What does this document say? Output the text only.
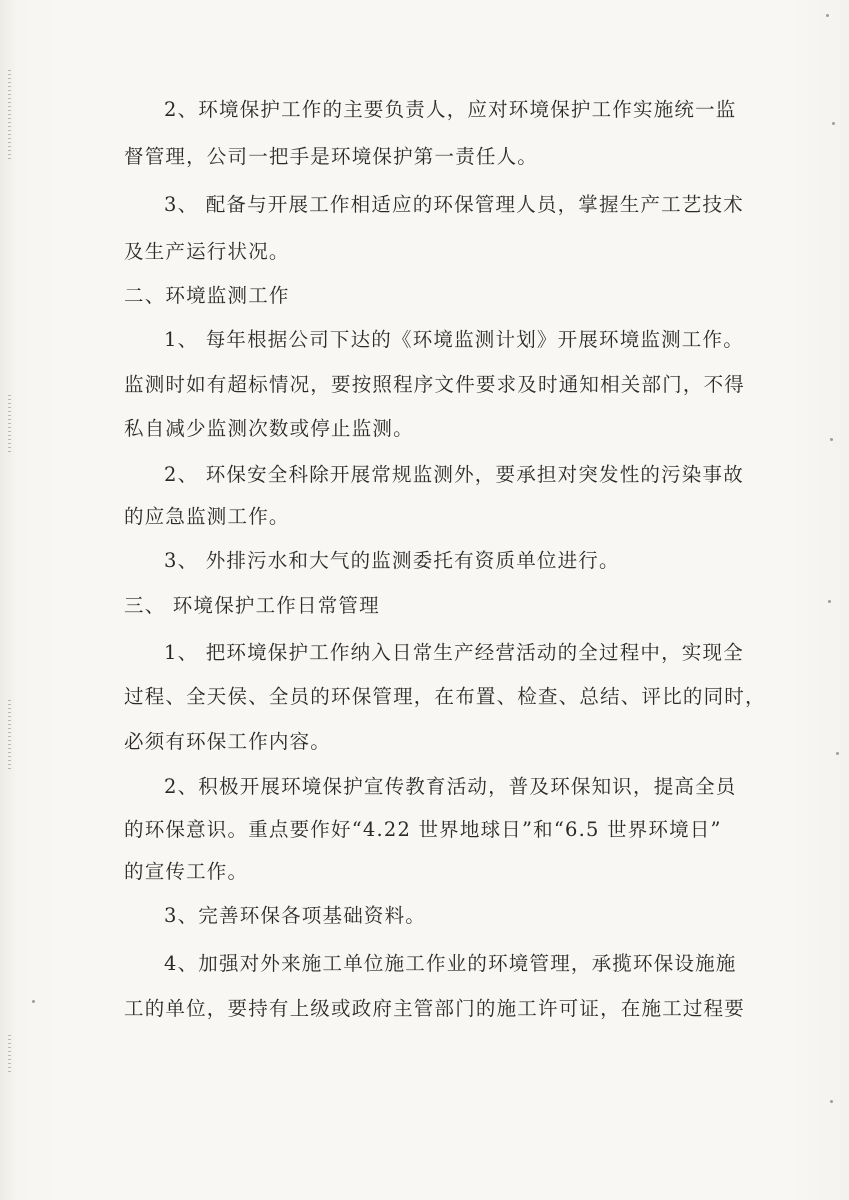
2、环境保护工作的主要负责人，应对环境保护工作实施统一监
督管理，公司一把手是环境保护第一责任人。
3、 配备与开展工作相适应的环保管理人员，掌握生产工艺技术
及生产运行状况。
二、环境监测工作
1、 每年根据公司下达的《环境监测计划》开展环境监测工作。
监测时如有超标情况，要按照程序文件要求及时通知相关部门，不得
私自减少监测次数或停止监测。
2、 环保安全科除开展常规监测外，要承担对突发性的污染事故
的应急监测工作。
3、 外排污水和大气的监测委托有资质单位进行。
三、 环境保护工作日常管理
1、 把环境保护工作纳入日常生产经营活动的全过程中，实现全
过程、全天侯、全员的环保管理，在布置、检查、总结、评比的同时，
必须有环保工作内容。
2、积极开展环境保护宣传教育活动，普及环保知识，提高全员
的环保意识。重点要作好“4.22 世界地球日”和“6.5 世界环境日”
的宣传工作。
3、完善环保各项基础资料。
4、加强对外来施工单位施工作业的环境管理，承揽环保设施施
工的单位，要持有上级或政府主管部门的施工许可证，在施工过程要
